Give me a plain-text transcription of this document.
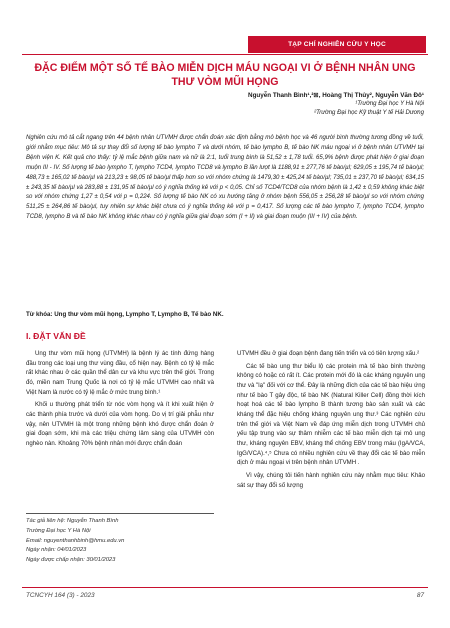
TẠP CHÍ NGHIÊN CỨU Y HỌC
ĐẶC ĐIỂM MỘT SỐ TẾ BÀO MIỄN DỊCH MÁU NGOẠI VI Ở BỆNH NHÂN UNG THƯ VÒM MŨI HỌNG
Nguyễn Thanh Bình¹,²⊠, Hoàng Thị Thủy², Nguyễn Văn Đô¹
¹Trường Đại học Y Hà Nội
²Trường Đại học Kỹ thuật Y tế Hải Dương

Nghiên cứu mô tả cắt ngang trên 44 bệnh nhân UTVMH được chẩn đoán xác định bằng mô bệnh học và 46 người bình thường tương đồng về tuổi, giới nhằm mục tiêu: Mô tả sự thay đổi số lượng tế bào lympho T và dưới nhóm, tế bào lympho B, tế bào NK máu ngoại vi ở bệnh nhân UTVMH tại Bệnh viện K. Kết quả cho thấy: tỷ lệ mắc bệnh giữa nam và nữ là 2:1, tuổi trung bình là 51,52 ± 1,78 tuổi. 65,9% bệnh được phát hiện ở giai đoạn muộn III - IV. Số lượng tế bào lympho T, lympho TCD4, lympho TCD8 và lympho B lần lượt là 1188,91 ± 277,76 tế bào/µl; 629,05 ± 195,74 tế bào/µl; 488,73 ± 165,02 tế bào/µl và 213,23 ± 98,05 tế bào/µl thấp hơn so với nhóm chứng là 1479,30 ± 425,24 tế bào/µl; 735,01 ± 237,70 tế bào/µl; 634,15 ± 243,35 tế bào/µl và 283,88 ± 131,95 tế bào/µl có ý nghĩa thống kê với p < 0,05. Chỉ số TCD4/TCD8 của nhóm bệnh là 1,42 ± 0,59 không khác biệt so với nhóm chứng 1,27 ± 0,54 với p = 0,224. Số lượng tế bào NK có xu hướng tăng ở nhóm bệnh 556,05 ± 256,28 tế bào/µl so với nhóm chứng 511,25 ± 264,86 tế bào/µl, tuy nhiên sự khác biệt chưa có ý nghĩa thống kê với p = 0,417. Số lượng các tế bào lympho T, lympho TCD4, lympho TCD8, lympho B và tế bào NK không khác nhau có ý nghĩa giữa giai đoạn sớm (I + II) và giai đoạn muộn (III + IV) của bệnh.

Từ khóa: Ung thư vòm mũi họng, Lympho T, Lympho B, Tế bào NK.
I. ĐẶT VẤN ĐỀ

Ung thư vòm mũi họng (UTVMH) là bệnh lý ác tính đứng hàng đầu trong các loại ung thư vùng đầu, cổ hiện nay. Bệnh có tỷ lệ mắc rất khác nhau ở các quần thể dân cư và khu vực trên thế giới. Trong đó, miền nam Trung Quốc là nơi có tỷ lệ mắc UTVMH cao nhất và Việt Nam là nước có tỷ lệ mắc ở mức trung bình.¹

Khối u thường phát triển từ nóc vòm họng và ít khi xuất hiện ở các thành phía trước và dưới của vòm họng. Do vị trí giải phẫu như vậy, nên UTVMH là một trong những bệnh khó được chẩn đoán ở giai đoạn sớm, khi mà các triệu chứng lâm sàng của UTVMH còn nghèo nàn. Khoảng 70% bệnh nhân mới được chẩn đoán

UTVMH đều ở giai đoạn bệnh đang tiến triển và có tiên lượng xấu.²

Các tế bào ung thư biểu lộ các protein mà tế bào bình thường không có hoặc có rất ít. Các protein mới đó là các kháng nguyên ung thư và "lạ" đối với cơ thể. Đây là những đích của các tế bào hiệu ứng như tế bào T gây độc, tế bào NK (Natural Killer Cell) đồng thời kích hoạt hoá các tế bào lympho B thành tương bào sản xuất và các kháng thể đặc hiệu chống kháng nguyên ung thư.³ Các nghiên cứu trên thế giới và Việt Nam về đáp ứng miễn dịch trong UTVMH chủ yếu tập trung vào sự thâm nhiễm các tế bào miễn dịch tại mô ung thư, kháng nguyên EBV, kháng thể chống EBV trong máu (IgA/VCA, IgG/VCA).⁴,⁵ Chưa có nhiều nghiên cứu về thay đổi các tế bào miễn dịch ở máu ngoại vi trên bệnh nhân UTVMH .

Vì vậy, chúng tôi tiến hành nghiên cứu này nhằm mục tiêu: Khảo sát sự thay đổi số lượng

Tác giả liên hệ: Nguyễn Thanh Bình
Trường Đại học Y Hà Nội
Email: nguyenthanhbinh@hmu.edu.vn
Ngày nhận: 04/01/2023
Ngày được chấp nhận: 30/01/2023
TCNCYH 164 (3) - 2023	87
